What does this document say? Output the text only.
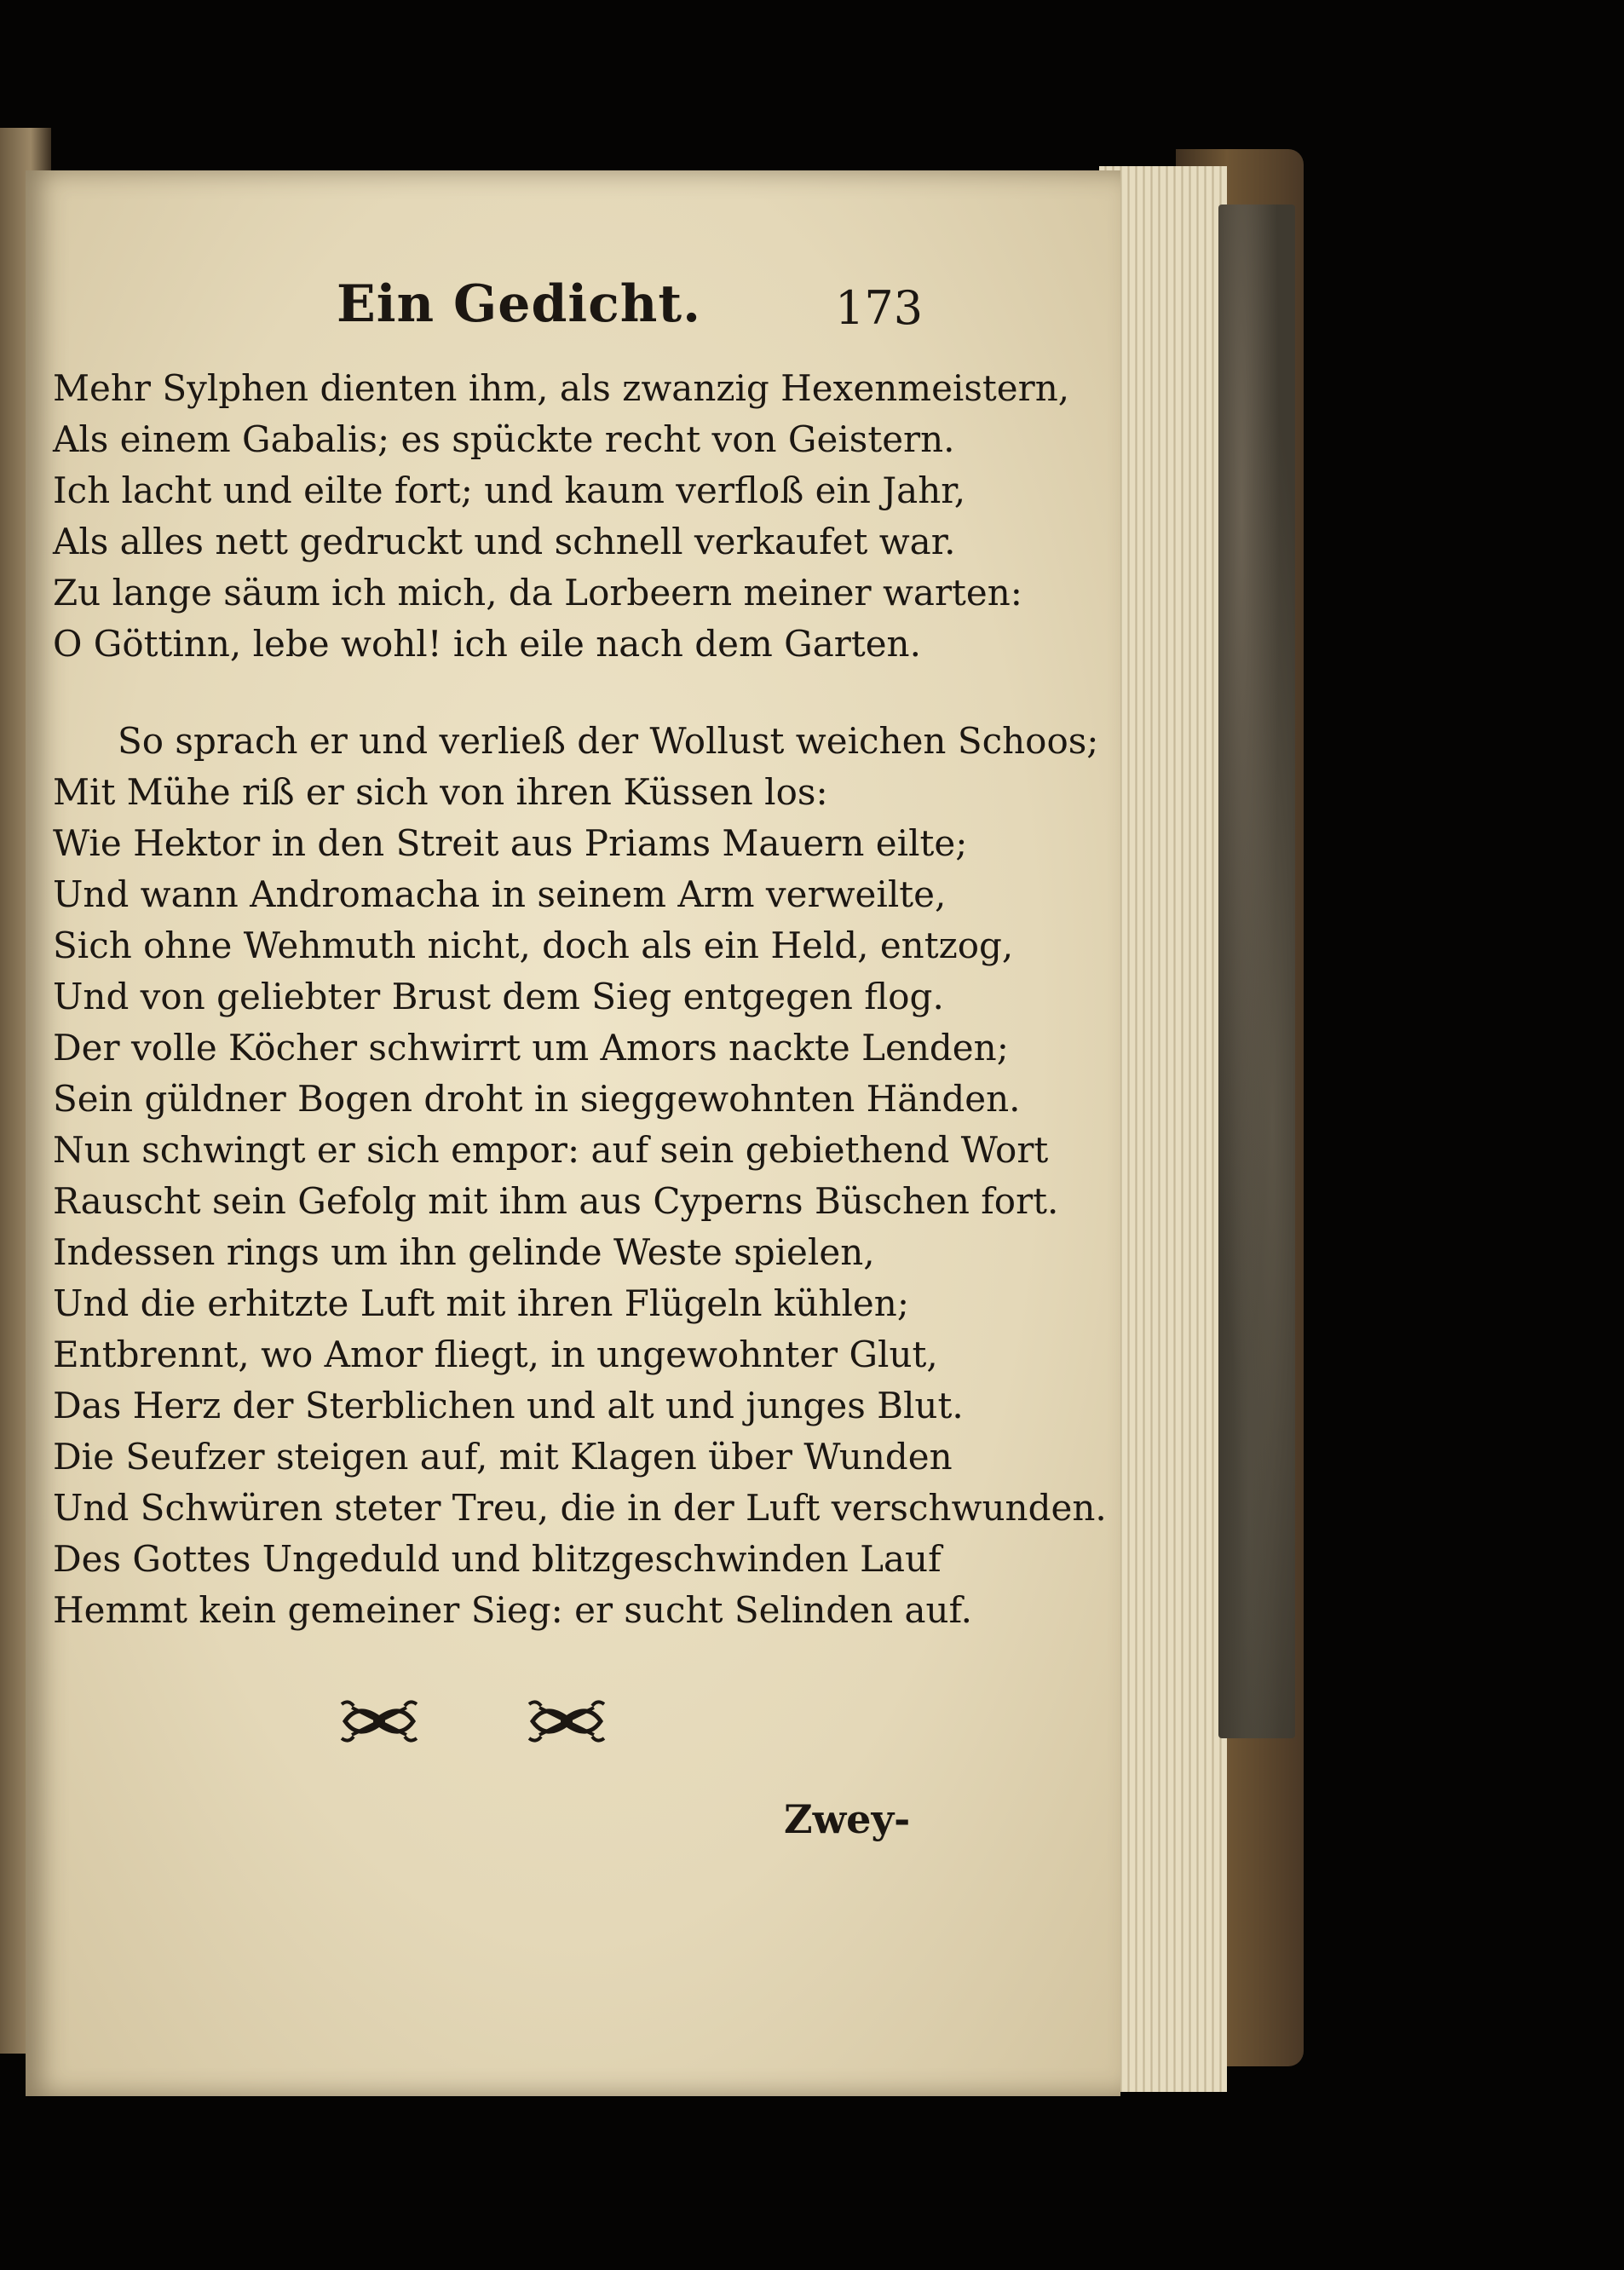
Ein Gedicht.	173
Mehr Sylphen dienten ihm, als zwanzig Hexenmeistern,
Als einem Gabalis; es spückte recht von Geistern.
Ich lacht und eilte fort; und kaum verfloß ein Jahr,
Als alles nett gedruckt und schnell verkaufet war.
Zu lange säum ich mich, da Lorbeern meiner warten:
O Göttinn, lebe wohl! ich eile nach dem Garten.
So sprach er und verließ der Wollust weichen Schoos;
Mit Mühe riß er sich von ihren Küssen los:
Wie Hektor in den Streit aus Priams Mauern eilte;
Und wann Andromacha in seinem Arm verweilte,
Sich ohne Wehmuth nicht, doch als ein Held, entzog,
Und von geliebter Brust dem Sieg entgegen flog.
Der volle Köcher schwirrt um Amors nackte Lenden;
Sein güldner Bogen droht in sieggewohnten Händen.
Nun schwingt er sich empor: auf sein gebiethend Wort
Rauscht sein Gefolg mit ihm aus Cyperns Büschen fort.
Indessen rings um ihn gelinde Weste spielen,
Und die erhitzte Luft mit ihren Flügeln kühlen;
Entbrennt, wo Amor fliegt, in ungewohnter Glut,
Das Herz der Sterblichen und alt und junges Blut.
Die Seufzer steigen auf, mit Klagen über Wunden
Und Schwüren steter Treu, die in der Luft verschwunden.
Des Gottes Ungeduld und blitzgeschwinden Lauf
Hemmt kein gemeiner Sieg: er sucht Selinden auf.
Zwey-
